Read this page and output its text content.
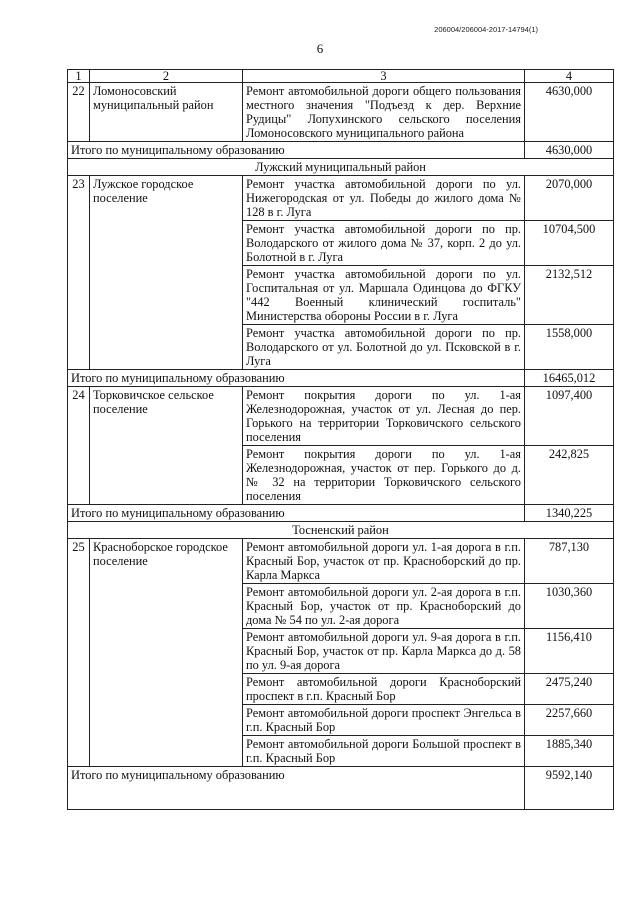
206004/206004-2017-14794(1)
6
1	2	3	4
22	Ломоносовский муниципальный район	Ремонт автомобильной дороги общего пользования местного значения "Подъезд к дер. Верхние Рудицы" Лопухинского сельского поселения Ломоносовского муниципального района	4630,000
Итого по муниципальному образованию			4630,000
Лужский муниципальный район			
23	Лужское городское поселение	Ремонт участка автомобильной дороги по ул. Нижегородская от ул. Победы до жилого дома № 128 в г. Луга	2070,000
		Ремонт участка автомобильной дороги по пр. Володарского от жилого дома № 37, корп. 2 до ул. Болотной в г. Луга	10704,500
		Ремонт участка автомобильной дороги по ул. Госпитальная от ул. Маршала Одинцова до ФГКУ "442 Военный клинический госпиталь" Министерства обороны России в г. Луга	2132,512
		Ремонт участка автомобильной дороги по пр. Володарского от ул. Болотной до ул. Псковской в г. Луга	1558,000
Итого по муниципальному образованию			16465,012
24	Торковичское сельское поселение	Ремонт покрытия дороги по ул. 1-ая Железнодорожная, участок от ул. Лесная до пер. Горького на территории Торковичского сельского поселения	1097,400
		Ремонт покрытия дороги по ул. 1-ая Железнодорожная, участок от пер. Горького до д. № 32 на территории Торковичского сельского поселения	242,825
Итого по муниципальному образованию			1340,225
Тосненский район			
25	Красноборское городское поселение	Ремонт автомобильной дороги ул. 1-ая дорога в г.п. Красный Бор, участок от пр. Красноборский до пр. Карла Маркса	787,130
		Ремонт автомобильной дороги ул. 2-ая дорога в г.п. Красный Бор, участок от пр. Красноборский до дома № 54 по ул. 2-ая дорога	1030,360
		Ремонт автомобильной дороги ул. 9-ая дорога в г.п. Красный Бор, участок от пр. Карла Маркса до д. 58 по ул. 9-ая дорога	1156,410
		Ремонт автомобильной дороги Красноборский проспект в г.п. Красный Бор	2475,240
		Ремонт автомобильной дороги проспект Энгельса в г.п. Красный Бор	2257,660
		Ремонт автомобильной дороги Большой проспект в г.п. Красный Бор	1885,340
Итого по муниципальному образованию			9592,140
